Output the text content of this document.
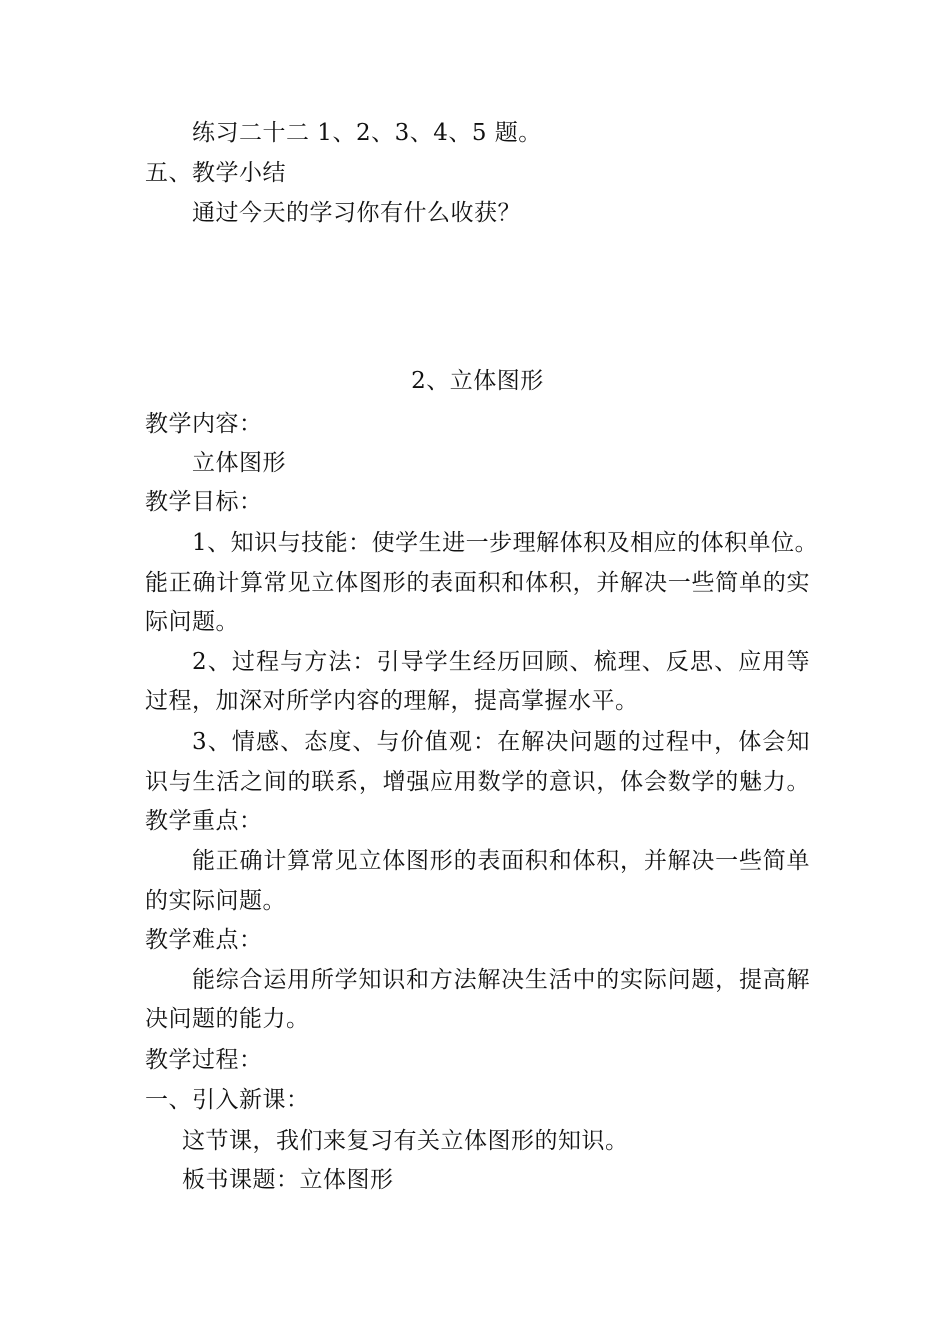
练习二十二 1、2、3、4、5 题。
五、教学小结
通过今天的学习你有什么收获？
2、立体图形
教学内容：
立体图形
教学目标：
1、知识与技能：使学生进一步理解体积及相应的体积单位。
能正确计算常见立体图形的表面积和体积，并解决一些简单的实
际问题。
2、过程与方法：引导学生经历回顾、梳理、反思、应用等
过程，加深对所学内容的理解，提高掌握水平。
3、情感、态度、与价值观：在解决问题的过程中，体会知
识与生活之间的联系，增强应用数学的意识，体会数学的魅力。
教学重点：
能正确计算常见立体图形的表面积和体积，并解决一些简单
的实际问题。
教学难点：
能综合运用所学知识和方法解决生活中的实际问题，提高解
决问题的能力。
教学过程：
一、引入新课：
这节课，我们来复习有关立体图形的知识。
板书课题：立体图形
